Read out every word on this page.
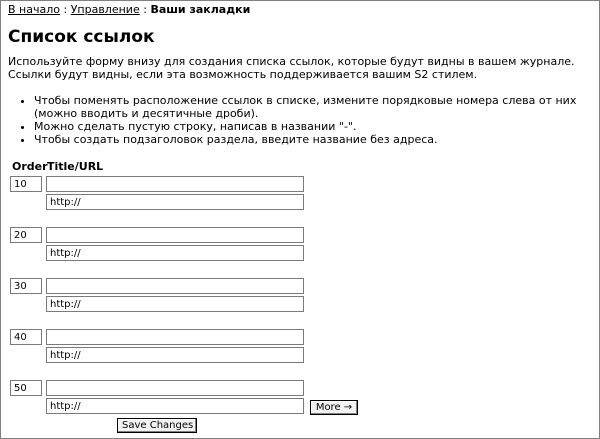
В начало : Управление : Ваши закладки
Список ссылок

Используйте форму внизу для создания списка ссылок, которые будут видны в вашем журнале. Ссылки будут видны, если эта возможность поддерживается вашим S2 стилем.

• Чтобы поменять расположение ссылок в списке, измените порядковые номера слева от них (можно вводить и десятичные дроби).
• Можно сделать пустую строку, написав в названии "-".
• Чтобы создать подзаголовок раздела, введите название без адреса.
Order Title/URL
10
http://
20
http://
30
http://
40
http://
50
http://
More →
Save Changes
